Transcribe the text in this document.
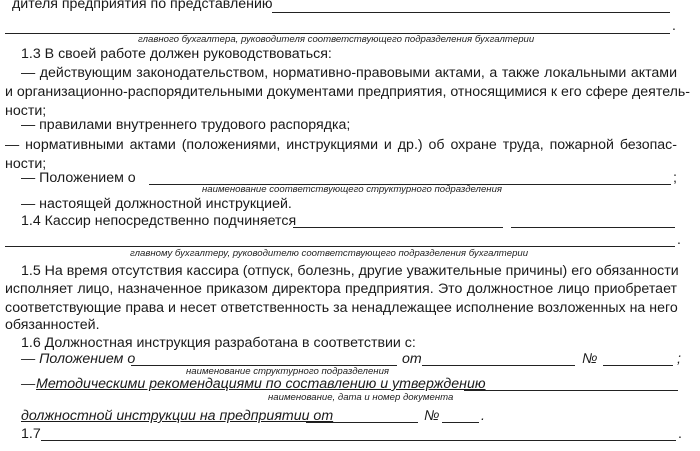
дителя предприятия по представлению
.
главного бухгалтера, руководителя соответствующего подразделения бухгалтерии
1.3 В своей работе должен руководствоваться:
— действующим законодательством, нормативно-правовыми актами, а также локальными актами
и организационно-распорядительными документами предприятия, относящимися к его сфере деятель-
ности;
— правилами внутреннего трудового распорядка;
— нормативными актами (положениями, инструкциями и др.) об охране труда, пожарной безопас-
ности;
— Положением о	;
наименование соответствующего структурного подразделения
— настоящей должностной инструкцией.
1.4 Кассир непосредственно подчиняется
.
главному бухгалтеру, руководителю соответствующего подразделения бухгалтерии
1.5 На время отсутствия кассира (отпуск, болезнь, другие уважительные причины) его обязанности
исполняет лицо, назначенное приказом директора предприятия. Это должностное лицо приобретает
соответствующие права и несет ответственность за ненадлежащее исполнение возложенных на него
обязанностей.
1.6 Должностная инструкция разработана в соответствии с:
— Положением о	от	№	;
наименование структурного подразделения
— Методическими рекомендациями по составлению и утверждению
наименование, дата и номер документа
должностной инструкции на предприятии от	№	.
1.7	.
